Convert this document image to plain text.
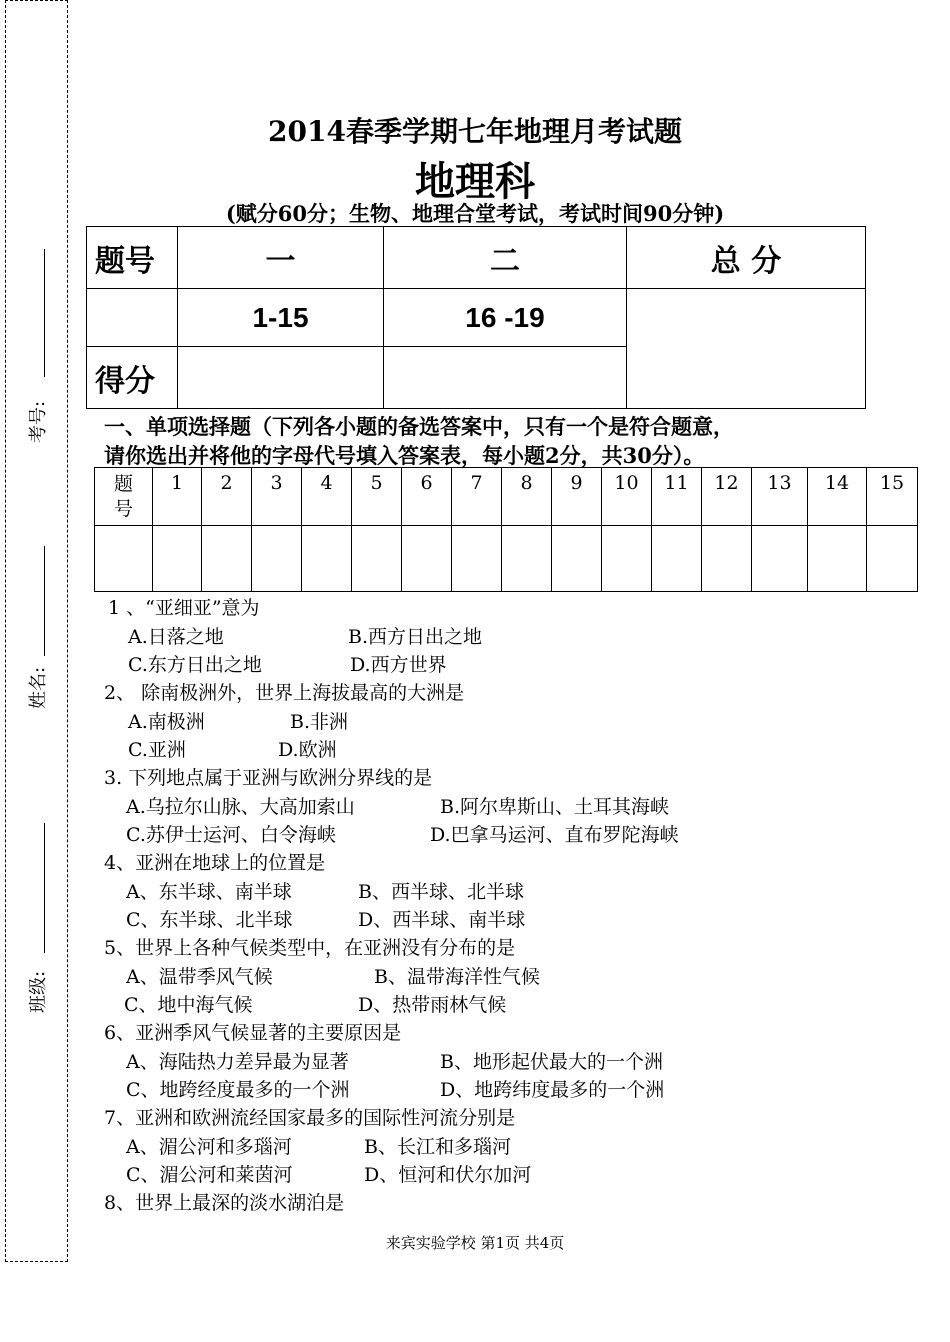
考号:
姓名:
班级:
2014春季学期七年地理月考试题
地理科
(赋分60分；生物、地理合堂考试，考试时间90分钟)
题号	一	二	总 分
	1-15	16 -19	
得分			
一、单项选择题（下列各小题的备选答案中，只有一个是符合题意，
请你选出并将他的字母代号填入答案表，每小题2分，共30分）。
题
号	1	2	3	4	5	6	7	8	9	10	11	12	13	14	15

1 、“亚细亚”意为
A.日落之地	B.西方日出之地
C.东方日出之地	D.西方世界
2、 除南极洲外，世界上海拔最高的大洲是
A.南极洲	B.非洲
C.亚洲	D.欧洲
3. 下列地点属于亚洲与欧洲分界线的是
A.乌拉尔山脉、大高加索山	B.阿尔卑斯山、土耳其海峡
C.苏伊士运河、白令海峡	D.巴拿马运河、直布罗陀海峡
4、亚洲在地球上的位置是
A、东半球、南半球	B、西半球、北半球
C、东半球、北半球	D、西半球、南半球
5、世界上各种气候类型中，在亚洲没有分布的是
A、温带季风气候	B、温带海洋性气候
C、地中海气候	D、热带雨林气候
6、亚洲季风气候显著的主要原因是
A、海陆热力差异最为显著	B、地形起伏最大的一个洲
C、地跨经度最多的一个洲	D、地跨纬度最多的一个洲
7、亚洲和欧洲流经国家最多的国际性河流分别是
A、湄公河和多瑙河	B、长江和多瑙河
C、湄公河和莱茵河	D、恒河和伏尔加河
8、世界上最深的淡水湖泊是
来宾实验学校 第1页 共4页
